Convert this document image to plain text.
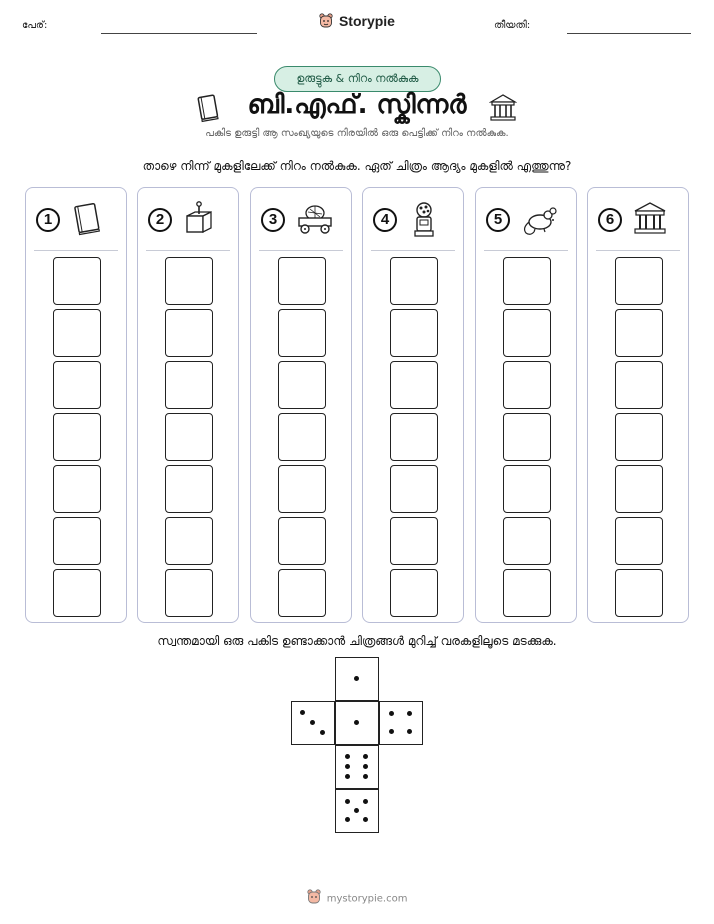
പേര്:	തീയതി:
Storypie
ഉരുട്ടുക & നിറം നൽകുക
ബി.എഫ്. സ്കിന്നർ
പകിട ഉരുട്ടി ആ സംഖ്യയുടെ നിരയിൽ ഒരു പെട്ടിക്ക് നിറം നൽകുക.
താഴെ നിന്ന് മുകളിലേക്ക് നിറം നൽകുക. ഏത് ചിത്രം ആദ്യം മുകളിൽ എത്തുന്നു?
1	2	3	4	5	6
സ്വന്തമായി ഒരു പകിട ഉണ്ടാക്കാൻ ചിത്രങ്ങൾ മുറിച്ച് വരകളിലൂടെ മടക്കുക.
mystorypie.com
